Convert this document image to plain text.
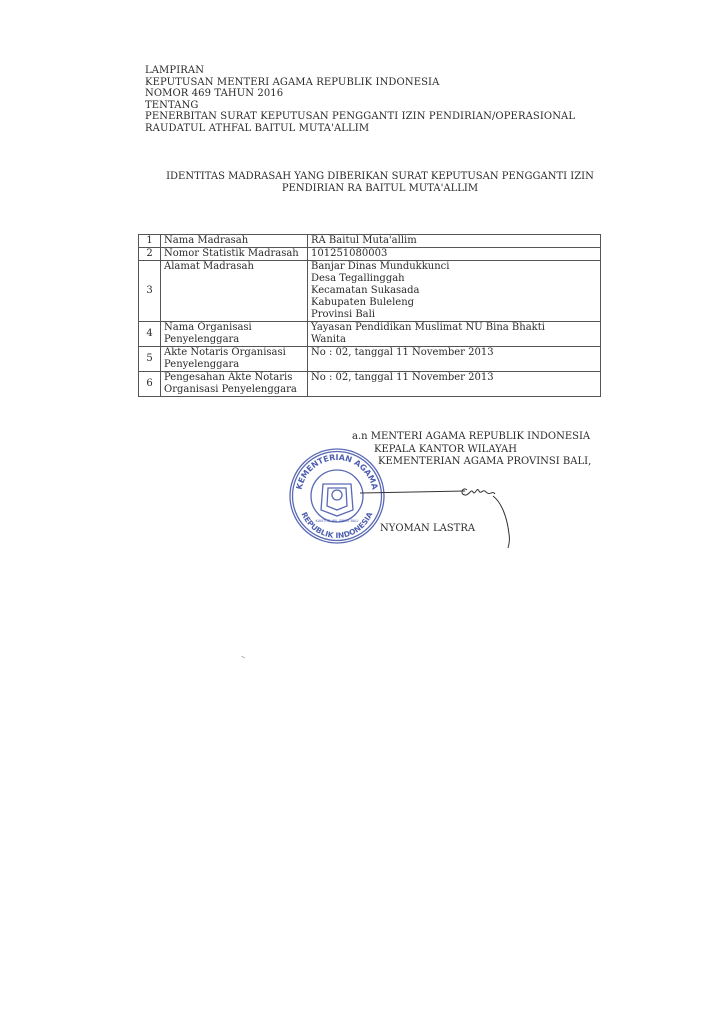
LAMPIRAN
KEPUTUSAN MENTERI AGAMA REPUBLIK INDONESIA
NOMOR 469 TAHUN 2016
TENTANG
PENERBITAN SURAT KEPUTUSAN PENGGANTI IZIN PENDIRIAN/OPERASIONAL
RAUDATUL ATHFAL BAITUL MUTA'ALLIM
IDENTITAS MADRASAH YANG DIBERIKAN SURAT KEPUTUSAN PENGGANTI IZIN
PENDIRIAN RA BAITUL MUTA'ALLIM
1	Nama Madrasah	RA Baitul Muta'allim
2	Nomor Statistik Madrasah	101251080003
3	Alamat Madrasah	Banjar Dinas Mundukkunci
Desa Tegallinggah
Kecamatan Sukasada
Kabupaten Buleleng
Provinsi Bali
4	Nama Organisasi
Penyelenggara	Yayasan Pendidikan Muslimat NU Bina Bhakti
Wanita
5	Akte Notaris Organisasi
Penyelenggara	No : 02, tanggal 11 November 2013
6	Pengesahan Akte Notaris
Organisasi Penyelenggara	No : 02, tanggal 11 November 2013
KEMENTERIAN AGAMA
REPUBLIK INDONESIA
KANTOR WIL PROV BALI
a.n MENTERI AGAMA REPUBLIK INDONESIA
KEPALA KANTOR WILAYAH
KEMENTERIAN AGAMA PROVINSI BALI,
NYOMAN LASTRA
